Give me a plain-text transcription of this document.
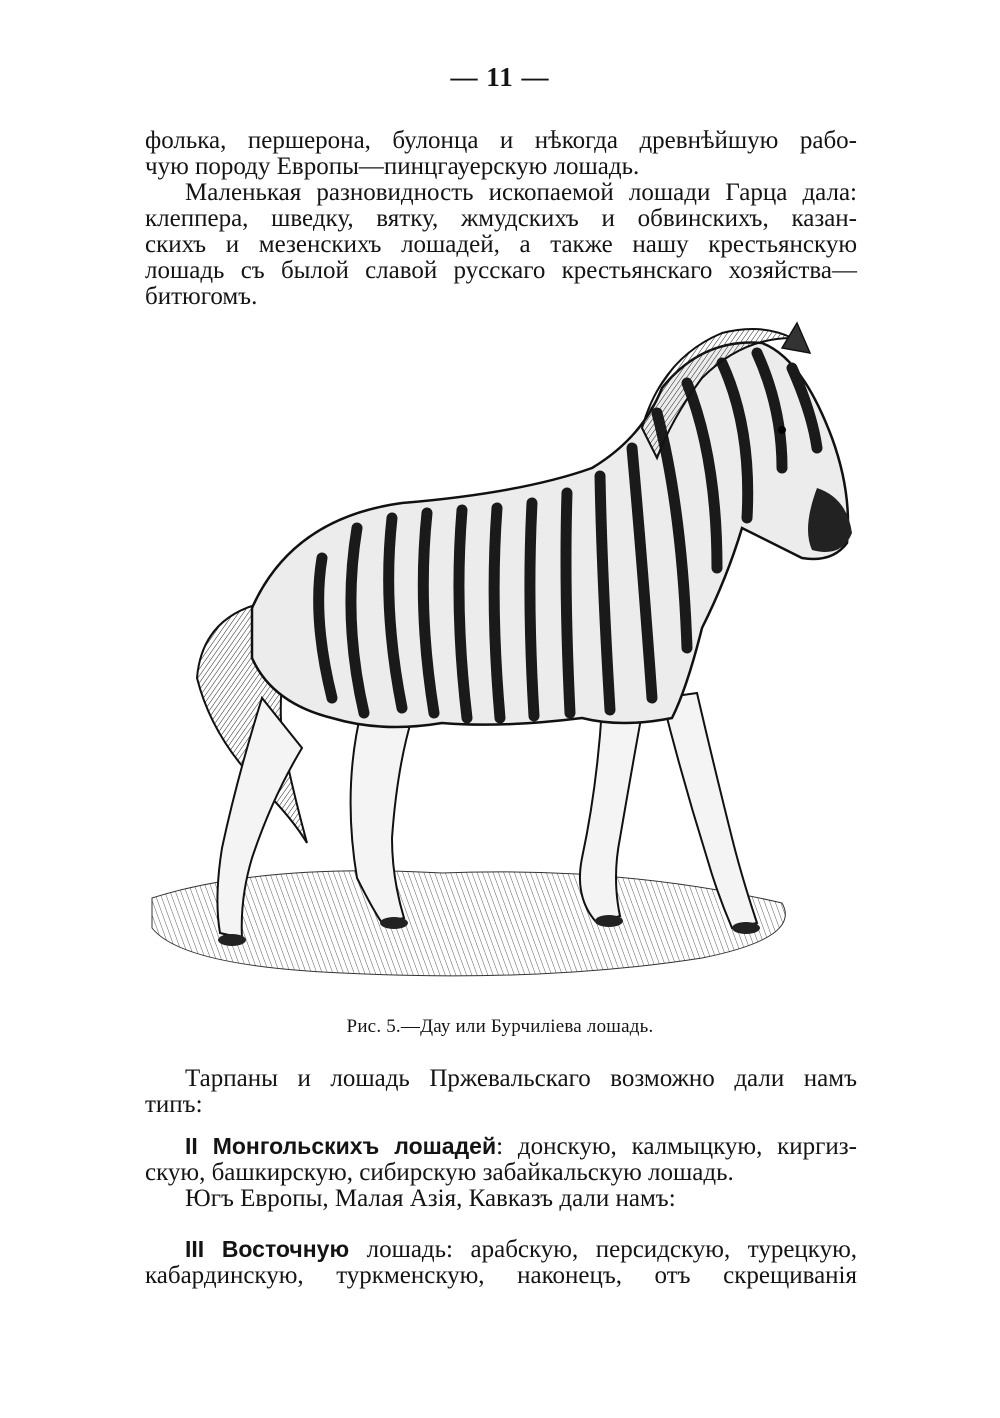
— 11 —
фолька, першерона, булонца и нѣкогда древнѣйшую рабо-
чую породу Европы—пинцгауерскую лошадь.
Маленькая разновидность ископаемой лошади Гарца дала:
клеппера, шведку, вятку, жмудскихъ и обвинскихъ, казан-
скихъ и мезенскихъ лошадей, а также нашу крестьянскую
лошадь съ былой славой русскаго крестьянскаго хозяйства—
битюгомъ.
Рис. 5.—Дау или Бурчиліева лошадь.
Тарпаны и лошадь Пржевальскаго возможно дали намъ
типъ:
II Монгольскихъ лошадей: донскую, калмыцкую, киргиз-
скую, башкирскую, сибирскую забайкальскую лошадь.
Югъ Европы, Малая Азія, Кавказъ дали намъ:
III Восточную лошадь: арабскую, персидскую, турецкую,
кабардинскую, туркменскую, наконецъ, отъ скрещиванія
